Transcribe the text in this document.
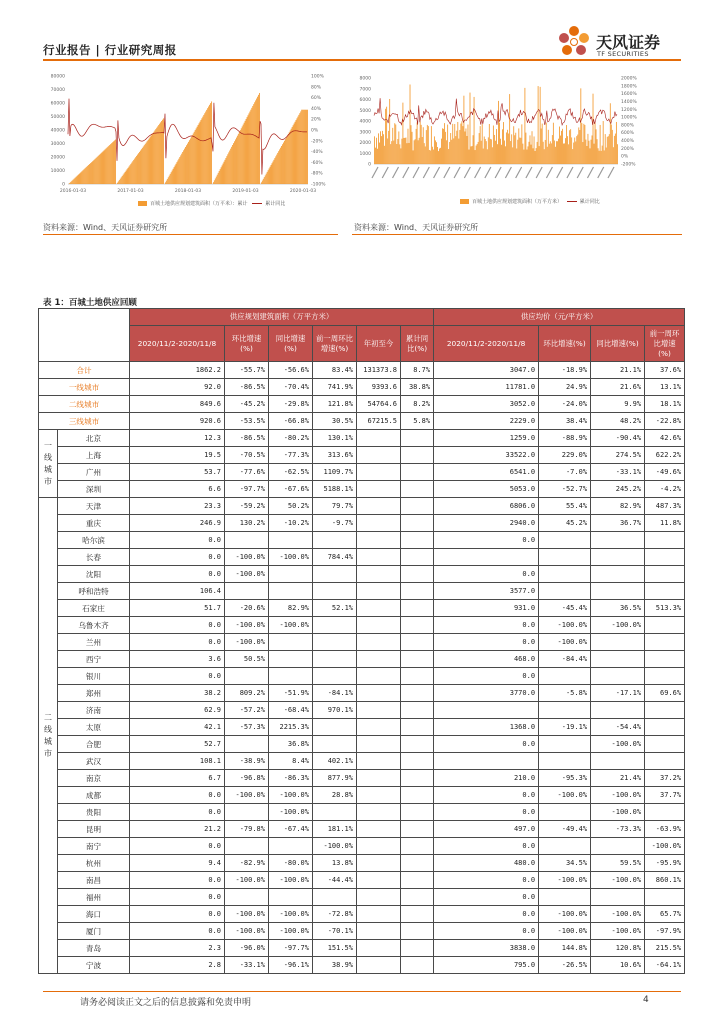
行业报告 | 行业研究周报	天风证券
TF SECURITIES
80000
70000
60000
50000
40000
30000
20000
10000
0
100%
80%
60%
40%
20%
0%
-20%
-40%
-60%
-80%
-100%
2016-01-03	2017-01-03	2018-01-03	2019-01-03	2020-01-03
百城土地供应规划建筑面积（万平米）：累计	累计同比
8000
7000
6000
5000
4000
3000
2000
1000
0
2000%
1800%
1600%
1400%
1200%
1000%
800%
600%
400%
200%
0%
-200%
百城土地供应规划建筑面积（万平方米）	累计同比
资料来源：Wind、天风证券研究所	资料来源：Wind、天风证券研究所
表 1：百城土地供应回顾
		供应规划建筑面积（万平方米）						供应均价（元/平方米）			
		2020/11/2-2020/11/8	环比增速(%)	同比增速(%)	前一周环比增速(%)	年初至今	累计同比(%)	2020/11/2-2020/11/8	环比增速(%)	同比增速(%)	前一周环比增速(%)
合计		1862.2	-55.7%	-56.6%	83.4%	131373.8	8.7%	3047.0	-18.9%	21.1%	37.6%
一线城市		92.0	-86.5%	-70.4%	741.9%	9393.6	38.8%	11781.0	24.9%	21.6%	13.1%
二线城市		849.6	-45.2%	-29.8%	121.8%	54764.6	8.2%	3052.0	-24.0%	9.9%	18.1%
三线城市		920.6	-53.5%	-66.8%	30.5%	67215.5	5.8%	2229.0	38.4%	48.2%	-22.8%

一线城市	北京	12.3	-86.5%	-80.2%	130.1%			1259.0	-88.9%	-90.4%	42.6%
	上海	19.5	-70.5%	-77.3%	313.6%			33522.0	229.0%	274.5%	622.2%
	广州	53.7	-77.6%	-62.5%	1109.7%			6541.0	-7.0%	-33.1%	-49.6%
	深圳	6.6	-97.7%	-67.6%	5188.1%			5053.0	-52.7%	245.2%	-4.2%

二线城市	天津	23.3	-59.2%	50.2%	79.7%			6806.0	55.4%	82.9%	487.3%
	重庆	246.9	130.2%	-10.2%	-9.7%			2940.0	45.2%	36.7%	11.8%
	哈尔滨	0.0						0.0			
	长春	0.0	-100.0%	-100.0%	784.4%						
	沈阳	0.0	-100.0%					0.0			
	呼和浩特	106.4						3577.0			
	石家庄	51.7	-20.6%	82.9%	52.1%			931.0	-45.4%	36.5%	513.3%
	乌鲁木齐	0.0	-100.0%	-100.0%				0.0	-100.0%	-100.0%	
	兰州	0.0	-100.0%					0.0	-100.0%		
	西宁	3.6	50.5%					468.0	-84.4%		
	银川	0.0						0.0			
	郑州	38.2	809.2%	-51.9%	-84.1%			3770.0	-5.8%	-17.1%	69.6%
	济南	62.9	-57.2%	-68.4%	970.1%						
	太原	42.1	-57.3%	2215.3%				1368.0	-19.1%	-54.4%	
	合肥	52.7		36.8%				0.0		-100.0%	
	武汉	108.1	-38.9%	8.4%	402.1%						
	南京	6.7	-96.8%	-86.3%	877.9%			210.0	-95.3%	21.4%	37.2%
	成都	0.0	-100.0%	-100.0%	28.8%			0.0	-100.0%	-100.0%	37.7%
	贵阳	0.0		-100.0%				0.0		-100.0%	
	昆明	21.2	-79.8%	-67.4%	181.1%			497.0	-49.4%	-73.3%	-63.9%
	南宁	0.0			-100.0%			0.0			-100.0%
	杭州	9.4	-82.9%	-80.0%	13.8%			480.0	34.5%	59.5%	-95.9%
	南昌	0.0	-100.0%	-100.0%	-44.4%			0.0	-100.0%	-100.0%	860.1%
	福州	0.0						0.0			
	海口	0.0	-100.0%	-100.0%	-72.8%			0.0	-100.0%	-100.0%	65.7%
	厦门	0.0	-100.0%	-100.0%	-70.1%			0.0	-100.0%	-100.0%	-97.9%
	青岛	2.3	-96.0%	-97.7%	151.5%			3838.0	144.8%	120.8%	215.5%
	宁波	2.8	-33.1%	-96.1%	38.9%			795.0	-26.5%	10.6%	-64.1%
请务必阅读正文之后的信息披露和免责申明	4
